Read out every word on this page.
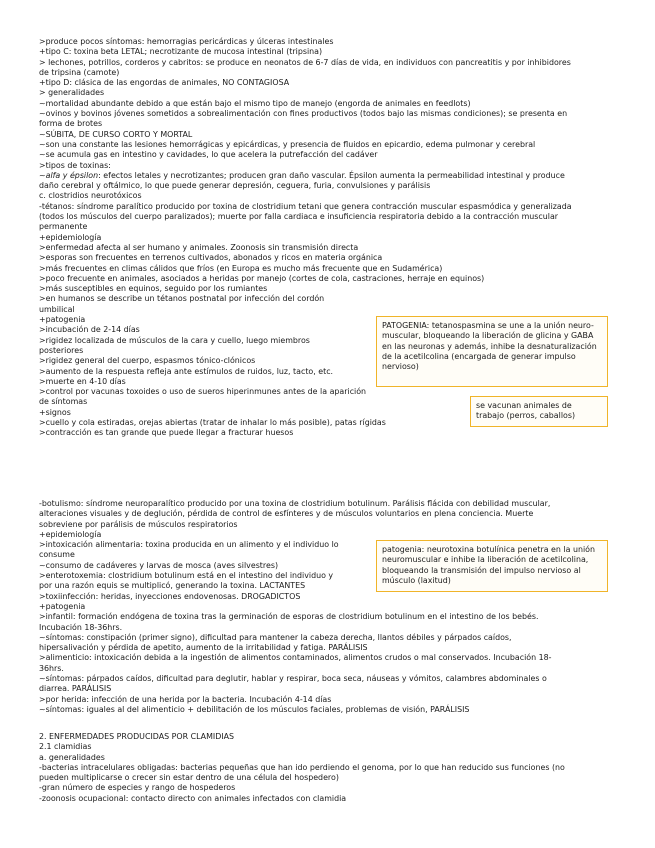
>produce pocos síntomas: hemorragias pericárdicas y úlceras intestinales
+tipo C: toxina beta LETAL; necrotizante de mucosa intestinal (tripsina)
> lechones, potrillos, corderos y cabritos: se produce en neonatos de 6-7 días de vida, en individuos con pancreatitis y por inhibidores
de tripsina (camote)
+tipo D: clásica de las engordas de animales, NO CONTAGIOSA
> generalidades
~mortalidad abundante debido a que están bajo el mismo tipo de manejo (engorda de animales en feedlots)
~ovinos y bovinos jóvenes sometidos a sobrealimentación con fines productivos (todos bajo las mismas condiciones); se presenta en
forma de brotes
~SÚBITA, DE CURSO CORTO Y MORTAL
~son una constante las lesiones hemorrágicas y epicárdicas, y presencia de fluidos en epicardio, edema pulmonar y cerebral
~se acumula gas en intestino y cavidades, lo que acelera la putrefacción del cadáver
>tipos de toxinas:
~alfa y épsilon: efectos letales y necrotizantes; producen gran daño vascular. Épsilon aumenta la permeabilidad intestinal y produce
daño cerebral y oftálmico, lo que puede generar depresión, ceguera, furia, convulsiones y parálisis
c. clostridios neurotóxicos
-tétanos: síndrome paralítico producido por toxina de clostridium tetani que genera contracción muscular espasmódica y generalizada
(todos los músculos del cuerpo paralizados); muerte por falla cardiaca e insuficiencia respiratoria debido a la contracción muscular
permanente
+epidemiología
>enfermedad afecta al ser humano y animales. Zoonosis sin transmisión directa
>esporas son frecuentes en terrenos cultivados, abonados y ricos en materia orgánica
>más frecuentes en climas cálidos que fríos (en Europa es mucho más frecuente que en Sudamérica)
>poco frecuente en animales, asociados a heridas por manejo (cortes de cola, castraciones, herraje en equinos)
>más susceptibles en equinos, seguido por los rumiantes
>en humanos se describe un tétanos postnatal por infección del cordón
umbilical
+patogenia
>incubación de 2-14 días
>rigidez localizada de músculos de la cara y cuello, luego miembros
posteriores
>rigidez general del cuerpo, espasmos tónico-clónicos
>aumento de la respuesta refleja ante estímulos de ruidos, luz, tacto, etc.
>muerte en 4-10 días
>control por vacunas toxoides o uso de sueros hiperinmunes antes de la aparición
de síntomas
+signos
>cuello y cola estiradas, orejas abiertas (tratar de inhalar lo más posible), patas rígidas
>contracción es tan grande que puede llegar a fracturar huesos
PATOGENIA: tetanospasmina se une a la unión neuro-muscular, bloqueando la liberación de glicina y GABA en las neuronas y además, inhibe la desnaturalización de la acetilcolina (encargada de generar impulso nervioso)
se vacunan animales de trabajo (perros, caballos)
-botulismo: síndrome neuroparalítico producido por una toxina de clostridium botulinum. Parálisis flácida con debilidad muscular,
alteraciones visuales y de deglución, pérdida de control de esfínteres y de músculos voluntarios en plena conciencia. Muerte
sobreviene por parálisis de músculos respiratorios
+epidemiología
>intoxicación alimentaria: toxina producida en un alimento y el individuo lo
consume
~consumo de cadáveres y larvas de mosca (aves silvestres)
>enterotoxemia: clostridium botulinum está en el intestino del individuo y
por una razón equis se multiplicó, generando la toxina. LACTANTES
>toxiinfección: heridas, inyecciones endovenosas. DROGADICTOS
+patogenia
>infantil: formación endógena de toxina tras la germinación de esporas de clostridium botulinum en el intestino de los bebés.
Incubación 18-36hrs.
~síntomas: constipación (primer signo), dificultad para mantener la cabeza derecha, llantos débiles y párpados caídos,
hipersalivación y pérdida de apetito, aumento de la irritabilidad y fatiga. PARÁLISIS
>alimenticio: intoxicación debida a la ingestión de alimentos contaminados, alimentos crudos o mal conservados. Incubación 18-
36hrs.
~síntomas: párpados caídos, dificultad para deglutir, hablar y respirar, boca seca, náuseas y vómitos, calambres abdominales o
diarrea. PARÁLISIS
>por herida: infección de una herida por la bacteria. Incubación 4-14 días
~síntomas: iguales al del alimenticio + debilitación de los músculos faciales, problemas de visión, PARÁLISIS
patogenia: neurotoxina botulínica penetra en la unión neuromuscular e inhibe la liberación de acetilcolina, bloqueando la transmisión del impulso nervioso al músculo (laxitud)
2. ENFERMEDADES PRODUCIDAS POR CLAMIDIAS
2.1 clamidias
a. generalidades
-bacterias intracelulares obligadas: bacterias pequeñas que han ido perdiendo el genoma, por lo que han reducido sus funciones (no
pueden multiplicarse o crecer sin estar dentro de una célula del hospedero)
-gran número de especies y rango de hospederos
-zoonosis ocupacional: contacto directo con animales infectados con clamidia
